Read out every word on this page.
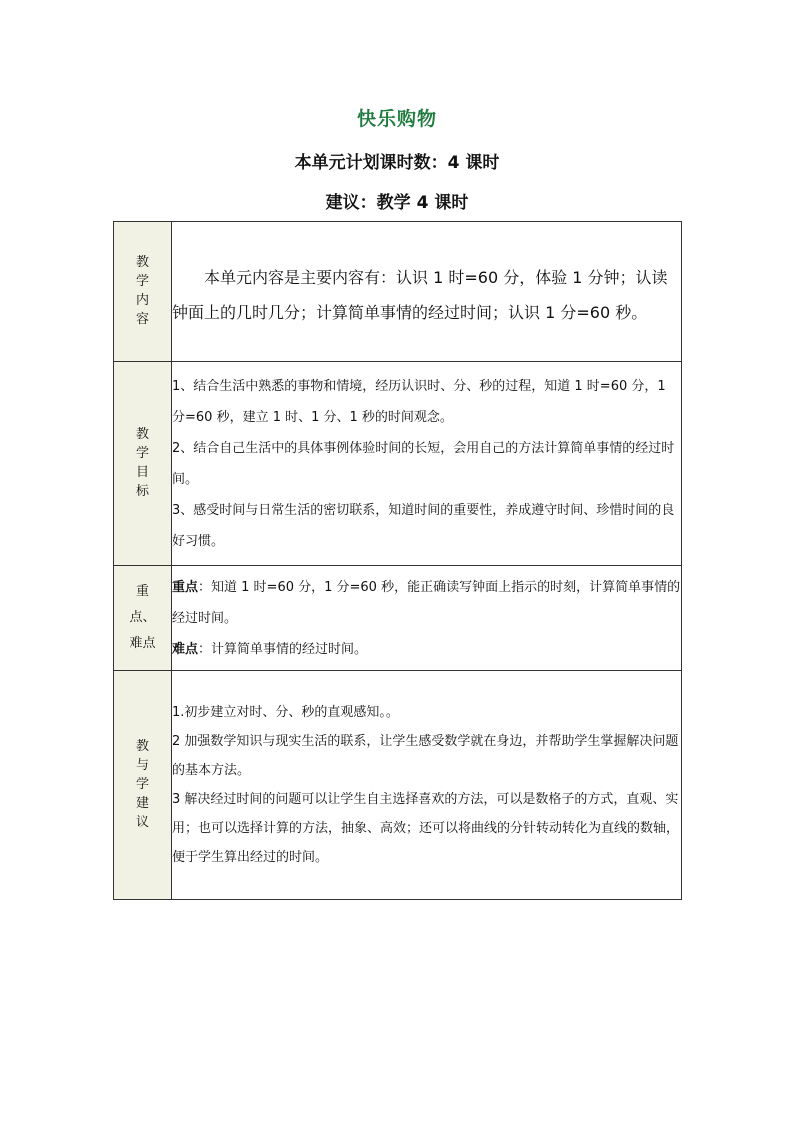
快乐购物
本单元计划课时数：4 课时
建议：教学 4 课时
教学内容	本单元内容是主要内容有：认识 1 时=60 分，体验 1 分钟；认读钟面上的几时几分；计算简单事情的经过时间；认识 1 分=60 秒。

教学目标	1、结合生活中熟悉的事物和情境，经历认识时、分、秒的过程，知道 1 时=60 分，1 分=60 秒，建立 1 时、1 分、1 秒的时间观念。

2、结合自己生活中的具体事例体验时间的长短，会用自己的方法计算简单事情的经过时间。

3、感受时间与日常生活的密切联系，知道时间的重要性，养成遵守时间、珍惜时间的良好习惯。

重点、难点	重点：知道 1 时=60 分，1 分=60 秒，能正确读写钟面上指示的时刻，计算简单事情的经过时间。

难点：计算简单事情的经过时间。

教与学建议	1.初步建立对时、分、秒的直观感知。。

2 加强数学知识与现实生活的联系，让学生感受数学就在身边，并帮助学生掌握解决问题的基本方法。

3 解决经过时间的问题可以让学生自主选择喜欢的方法，可以是数格子的方式，直观、实用；也可以选择计算的方法，抽象、高效；还可以将曲线的分针转动转化为直线的数轴，便于学生算出经过的时间。
